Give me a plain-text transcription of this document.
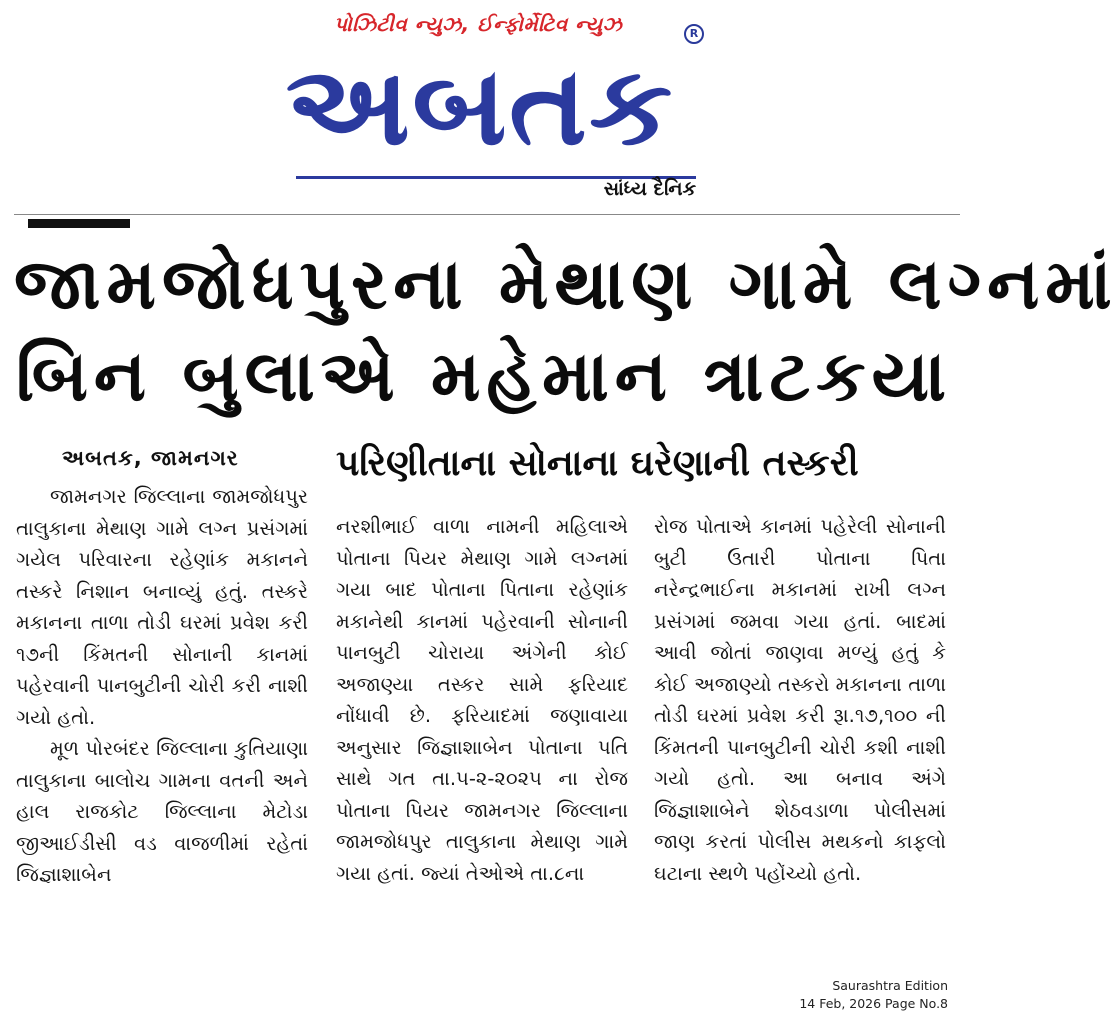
પોઝિટીવ ન્યુઝ, ઈન્ફોર્મેટિવ ન્યુઝ	R
અબતક
સાંધ્ય દૈનિક
જામજોધપુરના મેથાણ ગામે લગ્નમાં
બિન બુલાએ મહેમાન ત્રાટકયા
અબતક, જામનગર	પરિણીતાના સોનાના ઘરેણાની તસ્કરી

જામનગર જિલ્લાના જામજોધપુર તાલુકાના મેથાણ ગામે લગ્ન પ્રસંગમાં ગયેલ પરિવારના રહેણાંક મકાનને તસ્કરે નિશાન બનાવ્યું હતું. તસ્કરે મકાનના તાળા તોડી ઘરમાં પ્રવેશ કરી ૧૭ની કિંમતની સોનાની કાનમાં પહેરવાની પાનબુટીની ચોરી કરી નાશી ગયો હતો.

મૂળ પોરબંદર જિલ્લાના કુતિયાણા તાલુકાના બાલોચ ગામના વતની અને હાલ રાજકોટ જિલ્લાના મેટોડા જીઆઈડીસી વડ વાજળીમાં રહેતાં જિજ્ઞાશાબેન

નરશીભાઈ વાળા નામની મહિલાએ પોતાના પિયર મેથાણ ગામે લગ્નમાં ગયા બાદ પોતાના પિતાના રહેણાંક મકાનેથી કાનમાં પહેરવાની સોનાની પાનબુટી ચોરાયા અંગેની કોઈ અજાણ્યા તસ્કર સામે ફરિયાદ નોંધાવી છે. ફરિયાદમાં જણાવાયા અનુસાર જિજ્ઞાશાબેન પોતાના પતિ સાથે ગત તા.૫-૨-૨૦૨૫ ના રોજ પોતાના પિયર જામનગર જિલ્લાના જામજોધપુર તાલુકાના મેથાણ ગામે ગયા હતાં. જ્યાં તેઓએ તા.૮ના

રોજ પોતાએ કાનમાં પહેરેલી સોનાની બુટી ઉતારી પોતાના પિતા નરેન્દ્રભાઈના મકાનમાં રાખી લગ્ન પ્રસંગમાં જમવા ગયા હતાં. બાદમાં આવી જોતાં જાણવા મળ્યું હતું કે કોઈ અજાણ્યો તસ્કરો મકાનના તાળા તોડી ઘરમાં પ્રવેશ કરી રૂા.૧૭,૧૦૦ ની કિંમતની પાનબુટીની ચોરી કશી નાશી ગયો હતો. આ બનાવ અંગે જિજ્ઞાશાબેને શેઠવડાળા પોલીસમાં જાણ કરતાં પોલીસ મથકનો કાફલો ઘટાના સ્થળે પહોંચ્યો હતો.

Saurashtra Edition
14 Feb, 2026 Page No.8
